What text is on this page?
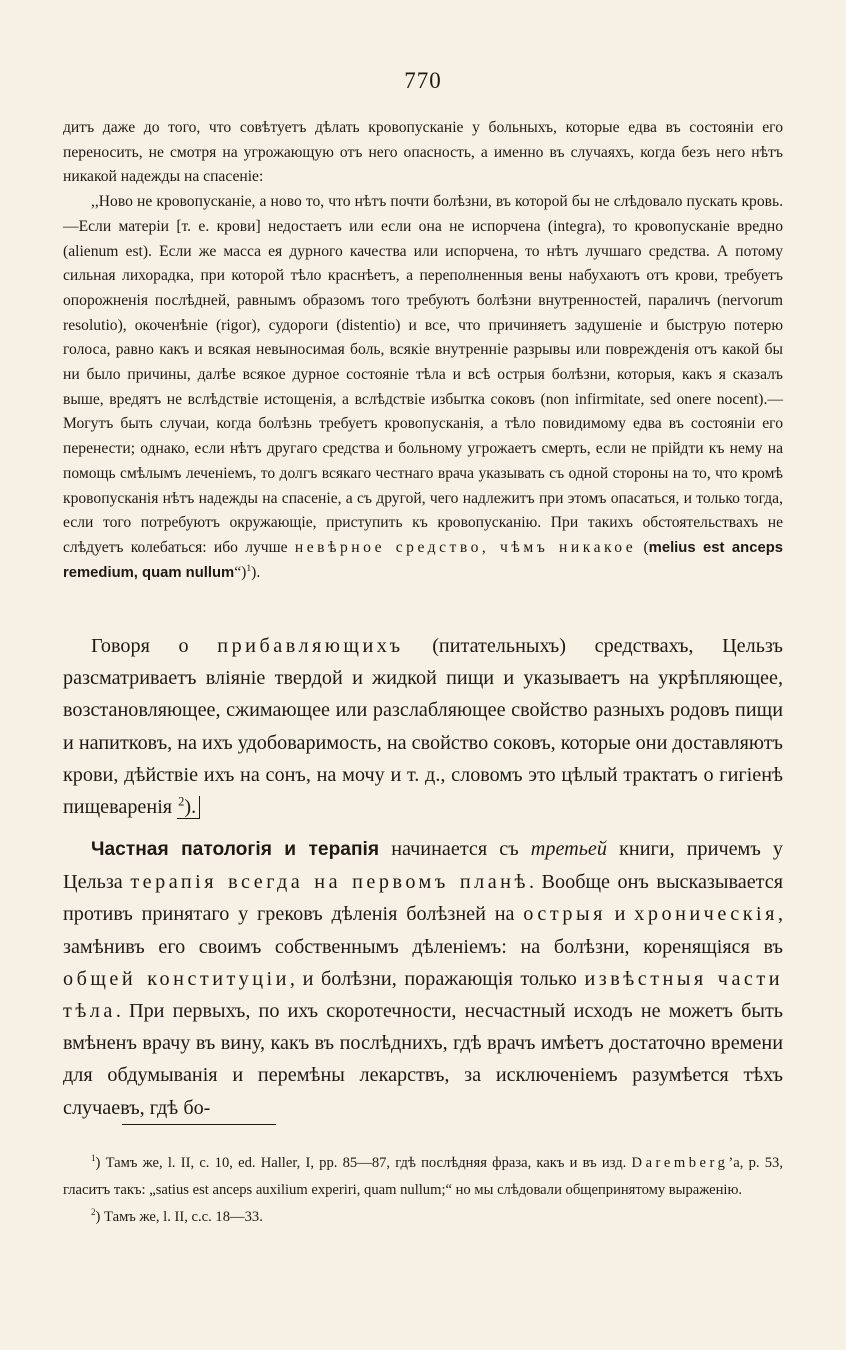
770

дитъ даже до того, что совѣтуетъ дѣлать кровопусканіе у больныхъ, которые едва въ состояніи его переносить, не смотря на угрожающую отъ него опасность, а именно въ случаяхъ, когда безъ него нѣтъ никакой надежды на спасеніе:

,,Ново не кровопусканіе, а ново то, что нѣтъ почти болѣзни, въ которой бы не слѣдовало пускать кровь.—Если матеріи [т. е. крови] недостаетъ или если она не испорчена (integra), то кровопусканіе вредно (alienum est). Если же масса ея дурного качества или испорчена, то нѣтъ лучшаго средства. А потому сильная лихорадка, при которой тѣло краснѣетъ, а переполненныя вены набухаютъ отъ крови, требуетъ опорожненія послѣдней, равнымъ образомъ того требуютъ болѣзни внутренностей, параличъ (nervorum resolutio), окоченѣніе (rigor), судороги (distentio) и все, что причиняетъ задушеніе и быструю потерю голоса, равно какъ и всякая невыносимая боль, всякіе внутренніе разрывы или поврежденія отъ какой бы ни было причины, далѣе всякое дурное состояніе тѣла и всѣ острыя болѣзни, которыя, какъ я сказалъ выше, вредятъ не вслѣдствіе истощенія, а вслѣдствіе избытка соковъ (non infirmitate, sed onere nocent).—Могутъ быть случаи, когда болѣзнь требуетъ кровопусканія, а тѣло повидимому едва въ состояніи его перенести; однако, если нѣтъ другаго средства и больному угрожаетъ смерть, если не прійдти къ нему на помощь смѣлымъ леченіемъ, то долгъ всякаго честнаго врача указывать съ одной стороны на то, что кромѣ кровопусканія нѣтъ надежды на спасеніе, а съ другой, чего надлежитъ при этомъ опасаться, и только тогда, если того потребуютъ окружающіе, приступить къ кровопусканію. При такихъ обстоятельствахъ не слѣдуетъ колебаться: ибо лучше невѣрное средство, чѣмъ никакое (melius est anceps remedium, quam nullum“)$^1$).

Говоря о прибавляющихъ (питательныхъ) средствахъ, Цельзъ разсматриваетъ вліяніе твердой и жидкой пищи и указываетъ на укрѣпляющее, возстановляющее, сжимающее или разслабляющее свойство разныхъ родовъ пищи и напитковъ, на ихъ удобоваримость, на свойство соковъ, которые они доставляютъ крови, дѣйствіе ихъ на сонъ, на мочу и т. д., словомъ это цѣлый трактатъ о гигіенѣ пищеваренія $^2$).

Частная патологія и терапія начинается съ третьей книги, причемъ у Цельза терапія всегда на первомъ планѣ. Вообще онъ высказывается противъ принятаго у грековъ дѣленія болѣзней на острыя и хроническія, замѣнивъ его своимъ собственнымъ дѣленіемъ: на болѣзни, коренящіяся въ общей конституціи, и болѣзни, поражающія только извѣстныя части тѣла. При первыхъ, по ихъ скоротечности, несчастный исходъ не можетъ быть вмѣненъ врачу въ вину, какъ въ послѣднихъ, гдѣ врачъ имѣетъ достаточно времени для обдумыванія и перемѣны лекарствъ, за исключеніемъ разумѣется тѣхъ случаевъ, гдѣ бо-

$^1$) Тамъ же, l. II, c. 10, ed. Haller, I, pp. 85—87, гдѣ послѣдняя фраза, какъ и въ изд. Daremberg’а, p. 53, гласитъ такъ: „satius est anceps auxilium experiri, quam nullum;“ но мы слѣдовали общепринятому выраженію.

$^2$) Тамъ же, l. II, c.c. 18—33.
